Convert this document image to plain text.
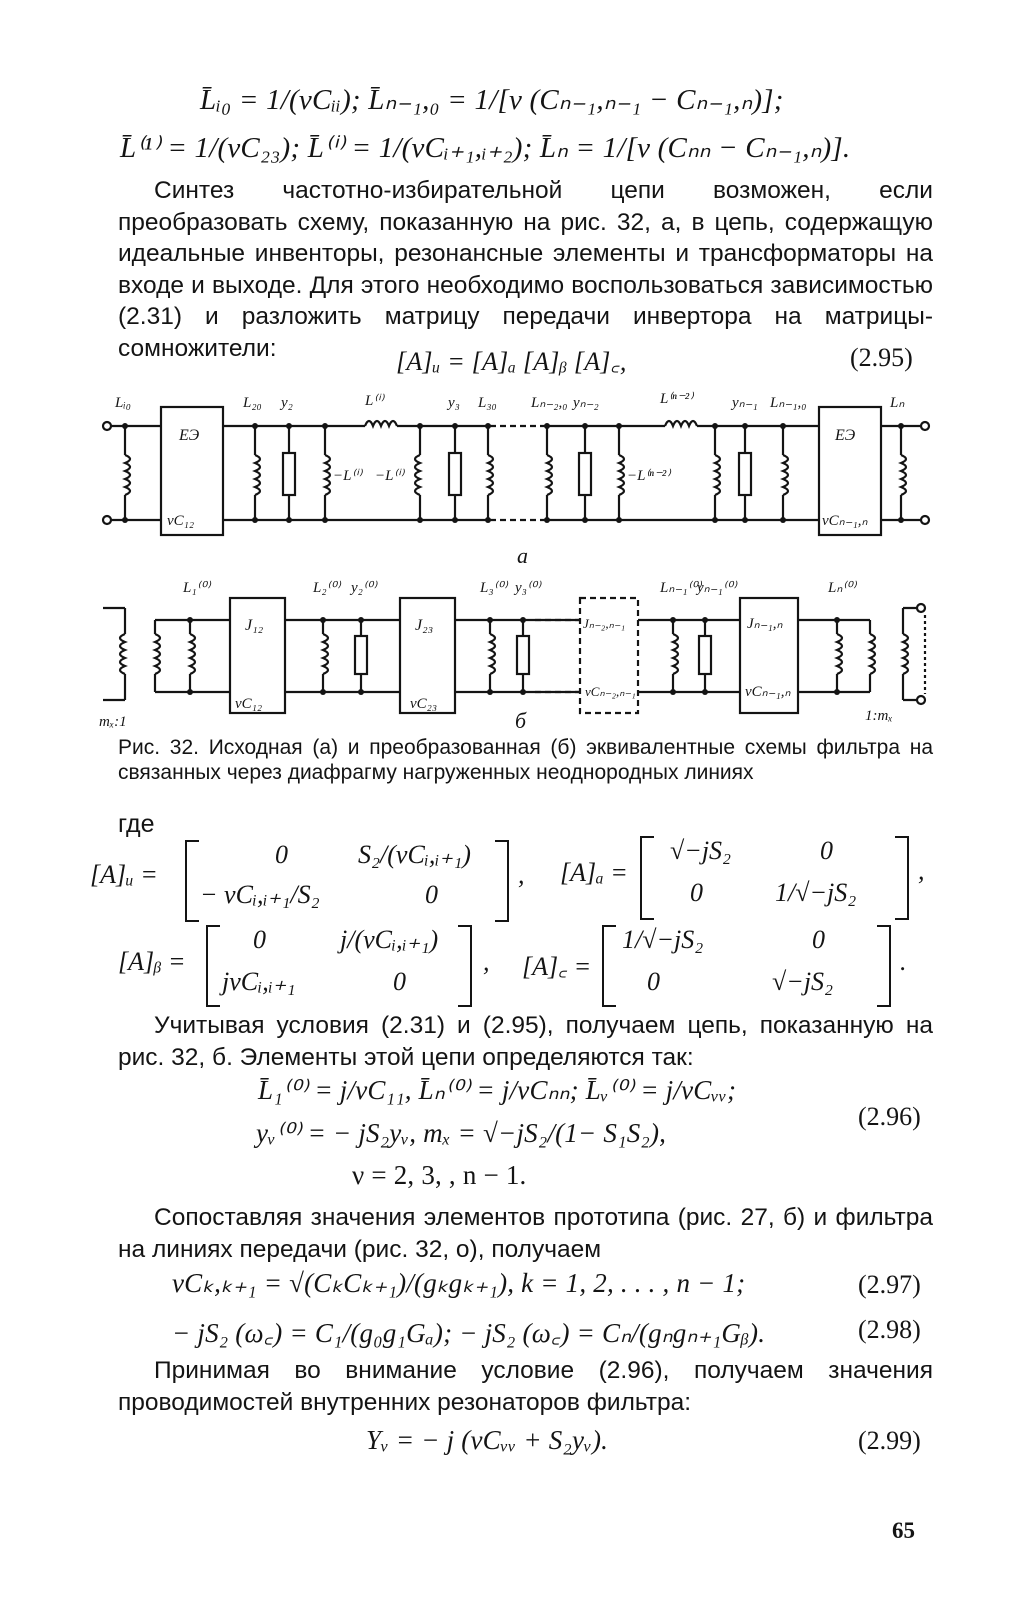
L̄ᵢ₀ = 1/(vCᵢᵢ); L̄ₙ₋₁,₀ = 1/[v (Cₙ₋₁,ₙ₋₁ − Cₙ₋₁,ₙ)];
L̄⁽¹⁾ = 1/(vC₂₃); L̄⁽ⁱ⁾ = 1/(vCᵢ₊₁,ᵢ₊₂); L̄ₙ = 1/[v (Cₙₙ − Cₙ₋₁,ₙ)].
Синтез частотно-избирательной цепи возможен, если преобразовать схему, показанную на рис. 32, а, в цепь, содержащую идеальные инвенторы, резонансные элементы и трансформаторы на входе и выходе. Для этого необходимо воспользоваться зависимостью (2.31) и разложить матрицу передачи инвертора на матрицы-сомножители:	[A]ᵤ = [A]ₐ [A]ᵦ [A]꜀,	(2.95)
Lᵢ₀
ЕЭ
vC₁₂
L₂₀ y₂	L⁽ⁱ⁾
−L⁽ⁱ⁾ −L⁽ⁱ⁾
y₃ L₃₀ Lₙ₋₂,₀ yₙ₋₂	L⁽ⁿ⁻²⁾
−L⁽ⁿ⁻²⁾
yₙ₋₁ Lₙ₋₁,₀
ЕЭ
vCₙ₋₁,ₙ
Lₙ
а
L₁⁽⁰⁾
J₁₂
vC₁₂
L₂⁽⁰⁾ y₂⁽⁰⁾
J₂₃
vC₂₃
L₃⁽⁰⁾ y₃⁽⁰⁾
Jₙ₋₂,ₙ₋₁
vCₙ₋₂,ₙ₋₁
Lₙ₋₁⁽⁰⁾
yₙ₋₁⁽⁰⁾
Jₙ₋₁,ₙ
vCₙ₋₁,ₙ
Lₙ⁽⁰⁾
mₓ:1	1:mₓ
б
Рис. 32. Исходная (а) и преобразованная (б) эквивалентные схемы фильтра на связанных через диафрагму нагруженных неоднородных линиях
где
[A]ᵤ =
0	S₂/(vCᵢ,ᵢ₊₁)
− vCᵢ,ᵢ₊₁/S₂	0
, [A]ₐ =
√−jS₂	0
0	1/√−jS₂
,
[A]ᵦ =
0	j/(vCᵢ,ᵢ₊₁)
jvCᵢ,ᵢ₊₁	0
, [A]꜀ =
1/√−jS₂	0
0	√−jS₂
.
Учитывая условия (2.31) и (2.95), получаем цепь, показанную на рис. 32, б. Элементы этой цепи определяются так:
L̄₁⁽⁰⁾ = j/vC₁₁, L̄ₙ⁽⁰⁾ = j/vCₙₙ; L̄ᵥ⁽⁰⁾ = j/vCᵥᵥ;
yᵥ⁽⁰⁾ = − jS₂yᵥ, mₓ = √−jS₂/(1− S₁S₂),
ν = 2, 3, , n − 1.
(2.96)
Сопоставляя значения элементов прототипа (рис. 27, б) и фильтра на линиях передачи (рис. 32, о), получаем
vCₖ,ₖ₊₁ = √(CₖCₖ₊₁)/(gₖgₖ₊₁), k = 1, 2, . . . , n − 1;	(2.97)
− jS₂ (ω꜀) = C₁/(g₀g₁Gₐ); − jS₂ (ω꜀) = Cₙ/(gₙgₙ₊₁Gᵦ).	(2.98)
Принимая во внимание условие (2.96), получаем значения проводимостей внутренних резонаторов фильтра:
Yᵥ = − j (vCᵥᵥ + S₂yᵥ).	(2.99)
65
